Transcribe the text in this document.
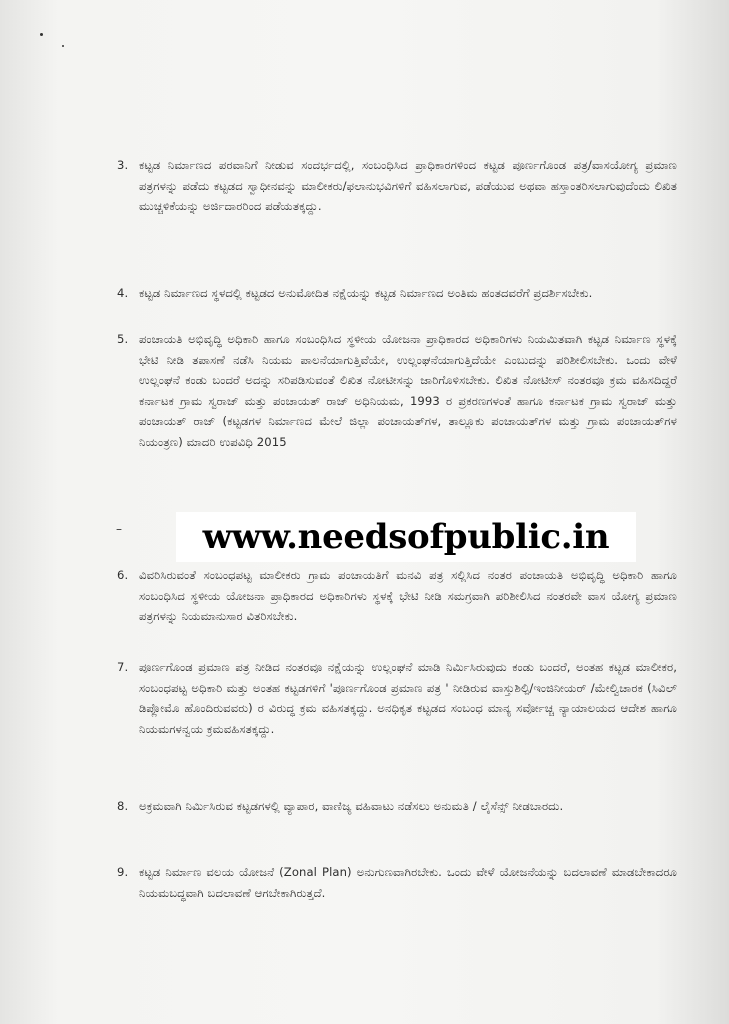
3. ಕಟ್ಟಡ ನಿರ್ಮಾಣದ ಪರವಾನಿಗೆ ನೀಡುವ ಸಂದರ್ಭದಲ್ಲಿ, ಸಂಬಂಧಿಸಿದ ಪ್ರಾಧಿಕಾರಗಳಿಂದ ಕಟ್ಟಡ ಪೂರ್ಣಗೊಂಡ ಪತ್ರ/ವಾಸಯೋಗ್ಯ ಪ್ರಮಾಣ ಪತ್ರಗಳನ್ನು ಪಡೆದು ಕಟ್ಟಡದ ಸ್ವಾಧೀನವನ್ನು ಮಾಲೀಕರು/ಫಲಾನುಭವಿಗಳಿಗೆ ವಹಿಸಲಾಗುವ, ಪಡೆಯುವ ಅಥವಾ ಹಸ್ತಾಂತರಿಸಲಾಗುವುದೆಂದು ಲಿಖಿತ ಮುಚ್ಚಳಿಕೆಯನ್ನು ಅರ್ಜಿದಾರರಿಂದ ಪಡೆಯತಕ್ಕದ್ದು.
4. ಕಟ್ಟಡ ನಿರ್ಮಾಣದ ಸ್ಥಳದಲ್ಲಿ ಕಟ್ಟಡದ ಅನುಮೋದಿತ ನಕ್ಷೆಯನ್ನು ಕಟ್ಟಡ ನಿರ್ಮಾಣದ ಅಂತಿಮ ಹಂತದವರೆಗೆ ಪ್ರದರ್ಶಿಸಬೇಕು.
5. ಪಂಚಾಯತಿ ಅಭಿವೃದ್ಧಿ ಅಧಿಕಾರಿ ಹಾಗೂ ಸಂಬಂಧಿಸಿದ ಸ್ಥಳೀಯ ಯೋಜನಾ ಪ್ರಾಧಿಕಾರದ ಅಧಿಕಾರಿಗಳು ನಿಯಮಿತವಾಗಿ ಕಟ್ಟಡ ನಿರ್ಮಾಣ ಸ್ಥಳಕ್ಕೆ ಭೇಟಿ ನೀಡಿ ತಪಾಸಣೆ ನಡೆಸಿ ನಿಯಮ ಪಾಲನೆಯಾಗುತ್ತಿವೆಯೇ, ಉಲ್ಲಂಘನೆಯಾಗುತ್ತಿದೆಯೇ ಎಂಬುದನ್ನು ಪರಿಶೀಲಿಸಬೇಕು. ಒಂದು ವೇಳೆ ಉಲ್ಲಂಘನೆ ಕಂಡು ಬಂದರೆ ಅದನ್ನು ಸರಿಪಡಿಸುವಂತೆ ಲಿಖಿತ ನೋಟೀಸನ್ನು ಜಾರಿಗೊಳಿಸಬೇಕು. ಲಿಖಿತ ನೋಟೀಸ್ ನಂತರವೂ ಕ್ರಮ ವಹಿಸದಿದ್ದರೆ ಕರ್ನಾಟಕ ಗ್ರಾಮ ಸ್ವರಾಜ್ ಮತ್ತು ಪಂಚಾಯತ್ ರಾಜ್ ಅಧಿನಿಯಮ, 1993 ರ ಪ್ರಕರಣಗಳಂತೆ ಹಾಗೂ ಕರ್ನಾಟಕ ಗ್ರಾಮ ಸ್ವರಾಜ್ ಮತ್ತು ಪಂಚಾಯತ್ ರಾಜ್ (ಕಟ್ಟಡಗಳ ನಿರ್ಮಾಣದ ಮೇಲೆ ಜಿಲ್ಲಾ ಪಂಚಾಯತ್‌ಗಳ, ತಾಲ್ಲೂಕು ಪಂಚಾಯತ್‌ಗಳ ಮತ್ತು ಗ್ರಾಮ ಪಂಚಾಯತ್‌ಗಳ ನಿಯಂತ್ರಣ) ಮಾದರಿ ಉಪವಿಧಿ 2015
–	www.needsofpublic.in
6. ವಿವರಿಸಿರುವಂತೆ ಸಂಬಂಧಪಟ್ಟ ಮಾಲೀಕರು ಗ್ರಾಮ ಪಂಚಾಯತಿಗೆ ಮನವಿ ಪತ್ರ ಸಲ್ಲಿಸಿದ ನಂತರ ಪಂಚಾಯತಿ ಅಭಿವೃದ್ಧಿ ಅಧಿಕಾರಿ ಹಾಗೂ ಸಂಬಂಧಿಸಿದ ಸ್ಥಳೀಯ ಯೋಜನಾ ಪ್ರಾಧಿಕಾರದ ಅಧಿಕಾರಿಗಳು ಸ್ಥಳಕ್ಕೆ ಭೇಟಿ ನೀಡಿ ಸಮಗ್ರವಾಗಿ ಪರಿಶೀಲಿಸಿದ ನಂತರವೇ ವಾಸ ಯೋಗ್ಯ ಪ್ರಮಾಣ ಪತ್ರಗಳನ್ನು ನಿಯಮಾನುಸಾರ ವಿತರಿಸಬೇಕು.
7. ಪೂರ್ಣಗೊಂಡ ಪ್ರಮಾಣ ಪತ್ರ ನೀಡಿದ ನಂತರವೂ ನಕ್ಷೆಯನ್ನು ಉಲ್ಲಂಘನೆ ಮಾಡಿ ನಿರ್ಮಿಸಿರುವುದು ಕಂಡು ಬಂದರೆ, ಅಂತಹ ಕಟ್ಟಡ ಮಾಲೀಕರ, ಸಂಬಂಧಪಟ್ಟ ಅಧಿಕಾರಿ ಮತ್ತು ಅಂತಹ ಕಟ್ಟಡಗಳಿಗೆ 'ಪೂರ್ಣಗೊಂಡ ಪ್ರಮಾಣ ಪತ್ರ ' ನೀಡಿರುವ ವಾಸ್ತುಶಿಲ್ಪಿ/ಇಂಜಿನೀಯರ್ /ಮೇಲ್ವಿಚಾರಕ (ಸಿವಿಲ್ ಡಿಪ್ಲೋಮೊ ಹೊಂದಿರುವವರು) ರ ವಿರುದ್ಧ ಕ್ರಮ ವಹಿಸತಕ್ಕದ್ದು. ಅನಧಿಕೃತ ಕಟ್ಟಡದ ಸಂಬಂಧ ಮಾನ್ಯ ಸರ್ವೋಚ್ಚ ನ್ಯಾಯಾಲಯದ ಆದೇಶ ಹಾಗೂ ನಿಯಮಗಳನ್ವಯ ಕ್ರಮವಹಿಸತಕ್ಕದ್ದು.
8. ಅಕ್ರಮವಾಗಿ ನಿರ್ಮಿಸಿರುವ ಕಟ್ಟಡಗಳಲ್ಲಿ ವ್ಯಾಪಾರ, ವಾಣಿಜ್ಯ ವಹಿವಾಟು ನಡೆಸಲು ಅನುಮತಿ / ಲೈಸೆನ್ಸ್ ನೀಡಬಾರದು.
9. ಕಟ್ಟಡ ನಿರ್ಮಾಣ ವಲಯ ಯೋಜನೆ (Zonal Plan) ಅನುಗುಣವಾಗಿರಬೇಕು. ಒಂದು ವೇಳೆ ಯೋಜನೆಯನ್ನು ಬದಲಾವಣೆ ಮಾಡಬೇಕಾದರೂ ನಿಯಮಬದ್ಧವಾಗಿ ಬದಲಾವಣೆ ಆಗಬೇಕಾಗಿರುತ್ತದೆ.
